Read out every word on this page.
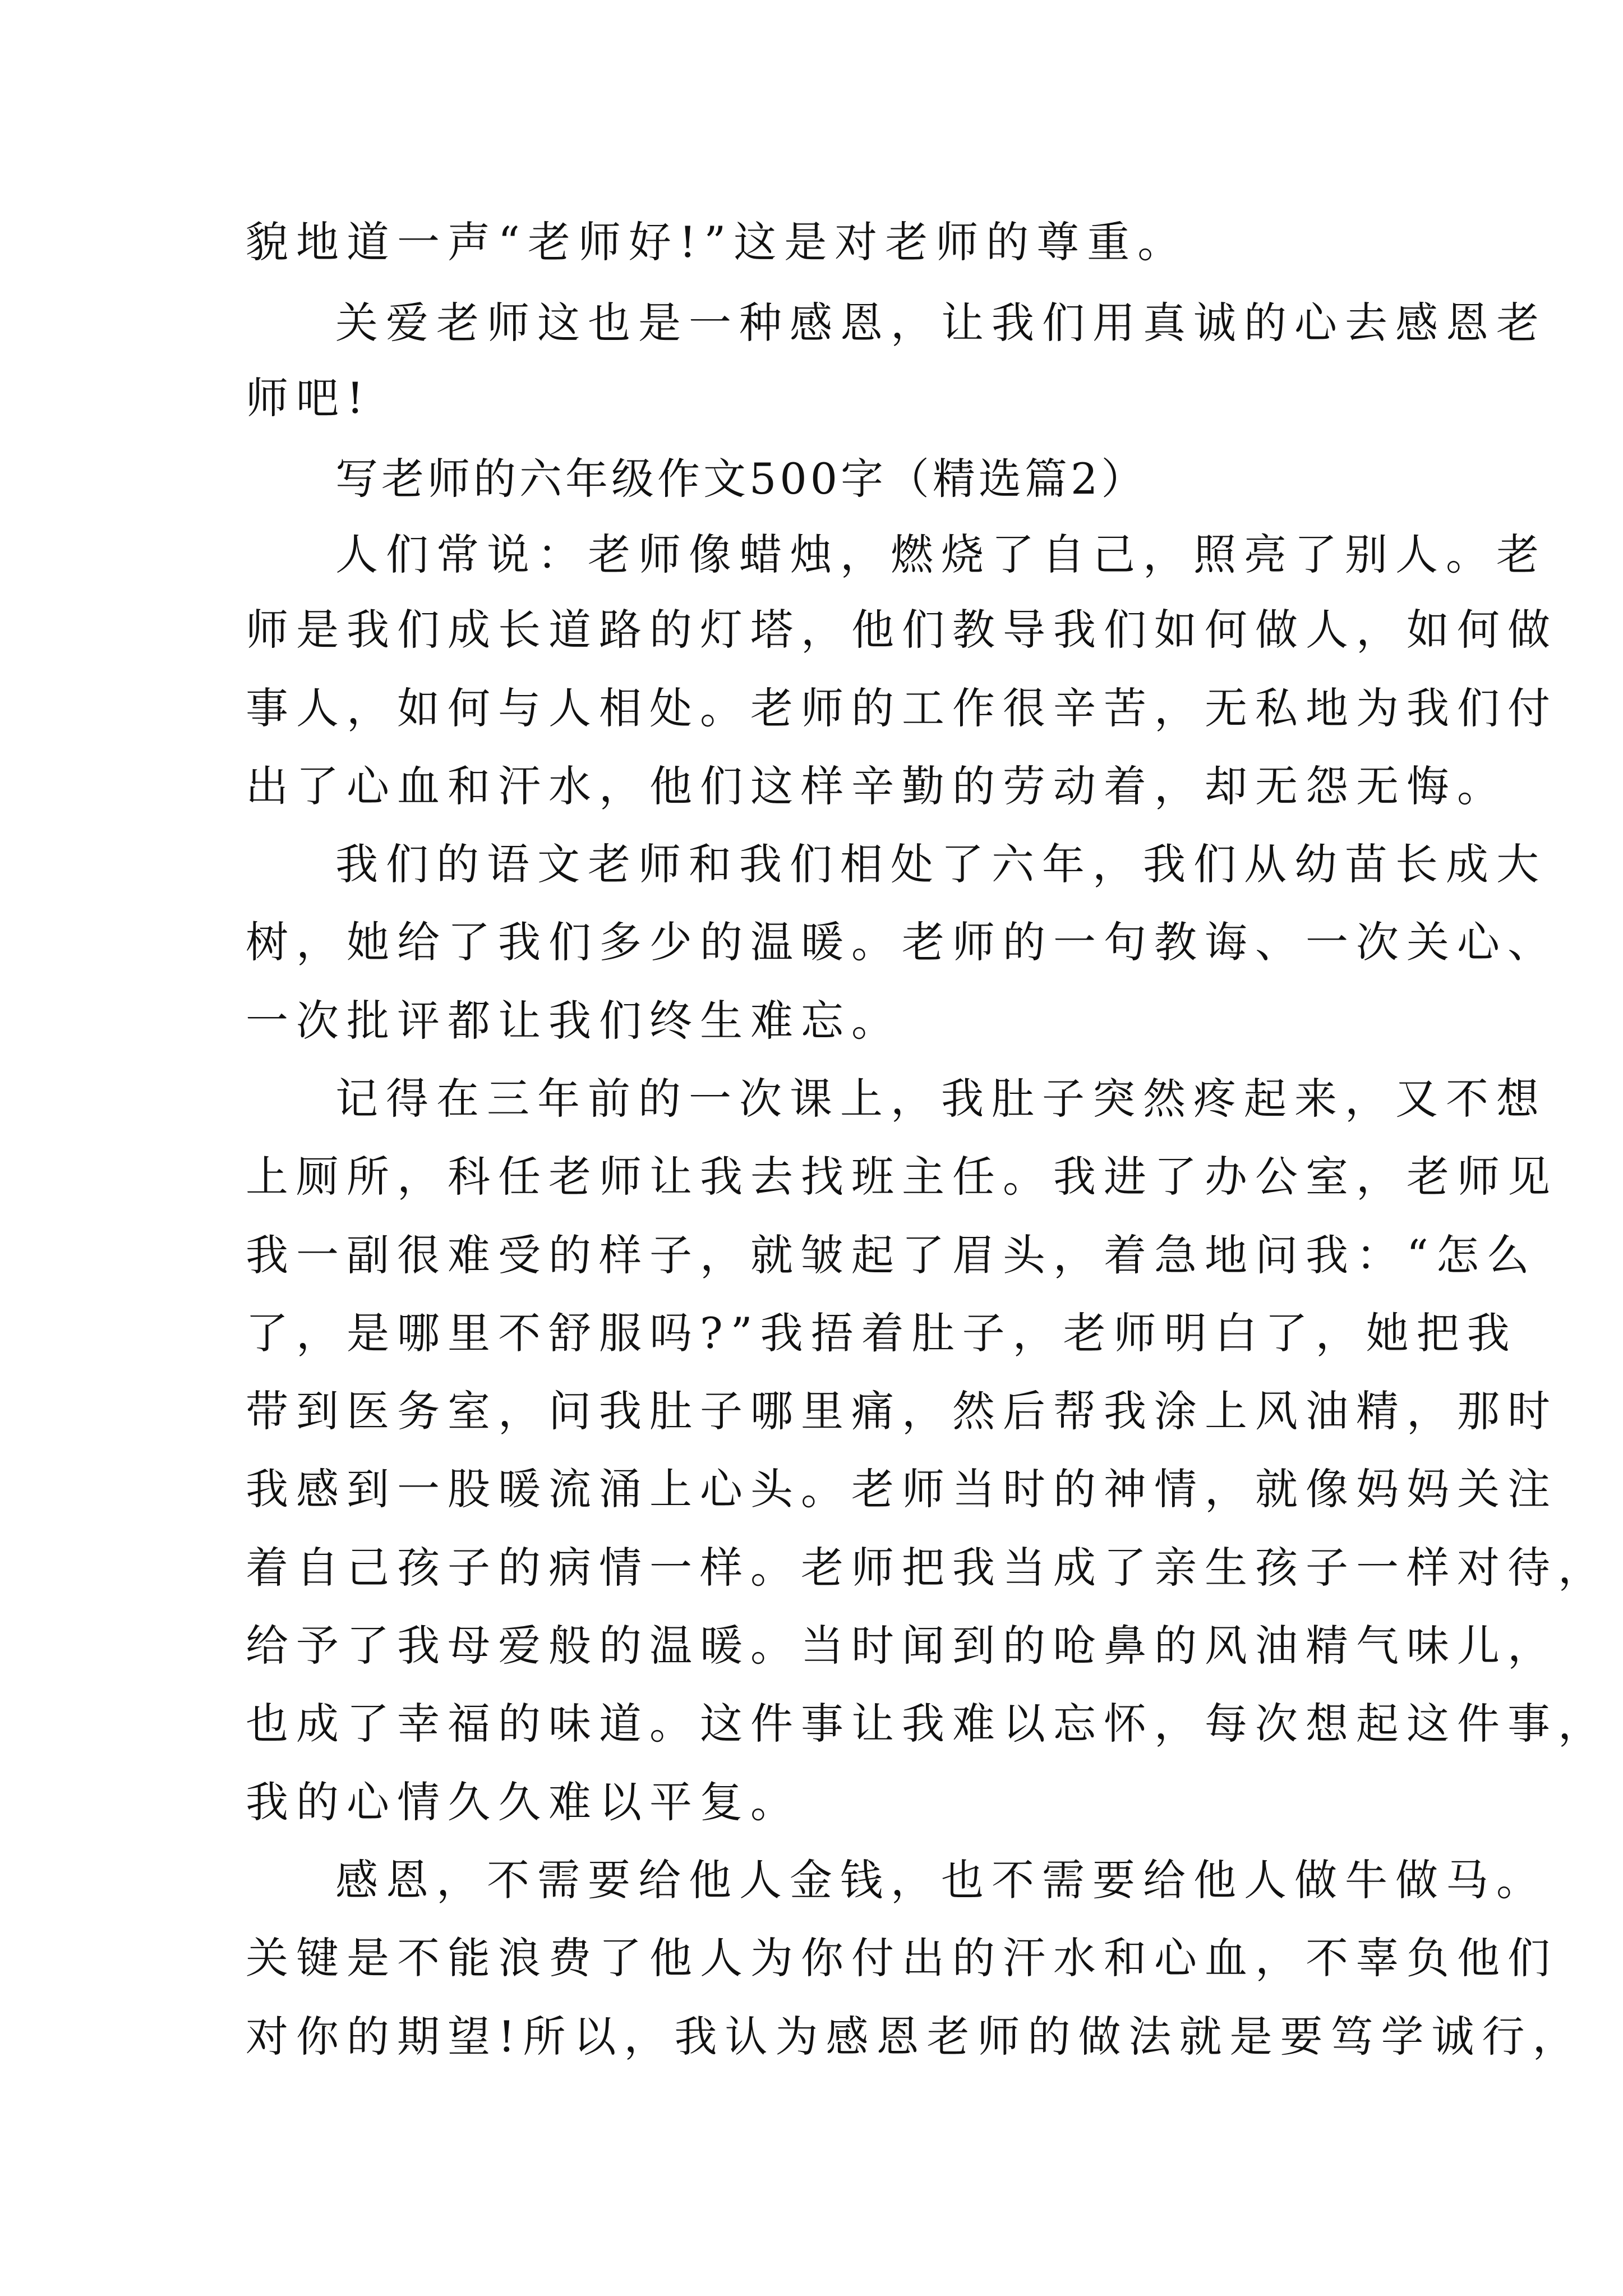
貌地道一声“老师好!”这是对老师的尊重。
关爱老师这也是一种感恩，让我们用真诚的心去感恩老
师吧!
写老师的六年级作文500字（精选篇2）
人们常说：老师像蜡烛，燃烧了自己，照亮了别人。老
师是我们成长道路的灯塔，他们教导我们如何做人，如何做
事人，如何与人相处。老师的工作很辛苦，无私地为我们付
出了心血和汗水，他们这样辛勤的劳动着，却无怨无悔。
我们的语文老师和我们相处了六年，我们从幼苗长成大
树，她给了我们多少的温暖。老师的一句教诲、一次关心、
一次批评都让我们终生难忘。
记得在三年前的一次课上，我肚子突然疼起来，又不想
上厕所，科任老师让我去找班主任。我进了办公室，老师见
我一副很难受的样子，就皱起了眉头，着急地问我：“怎么
了，是哪里不舒服吗?”我捂着肚子，老师明白了，她把我
带到医务室，问我肚子哪里痛，然后帮我涂上风油精，那时
我感到一股暖流涌上心头。老师当时的神情，就像妈妈关注
着自己孩子的病情一样。老师把我当成了亲生孩子一样对待，
给予了我母爱般的温暖。当时闻到的呛鼻的风油精气味儿，
也成了幸福的味道。这件事让我难以忘怀，每次想起这件事，
我的心情久久难以平复。
感恩，不需要给他人金钱，也不需要给他人做牛做马。
关键是不能浪费了他人为你付出的汗水和心血，不辜负他们
对你的期望!所以，我认为感恩老师的做法就是要笃学诚行，
